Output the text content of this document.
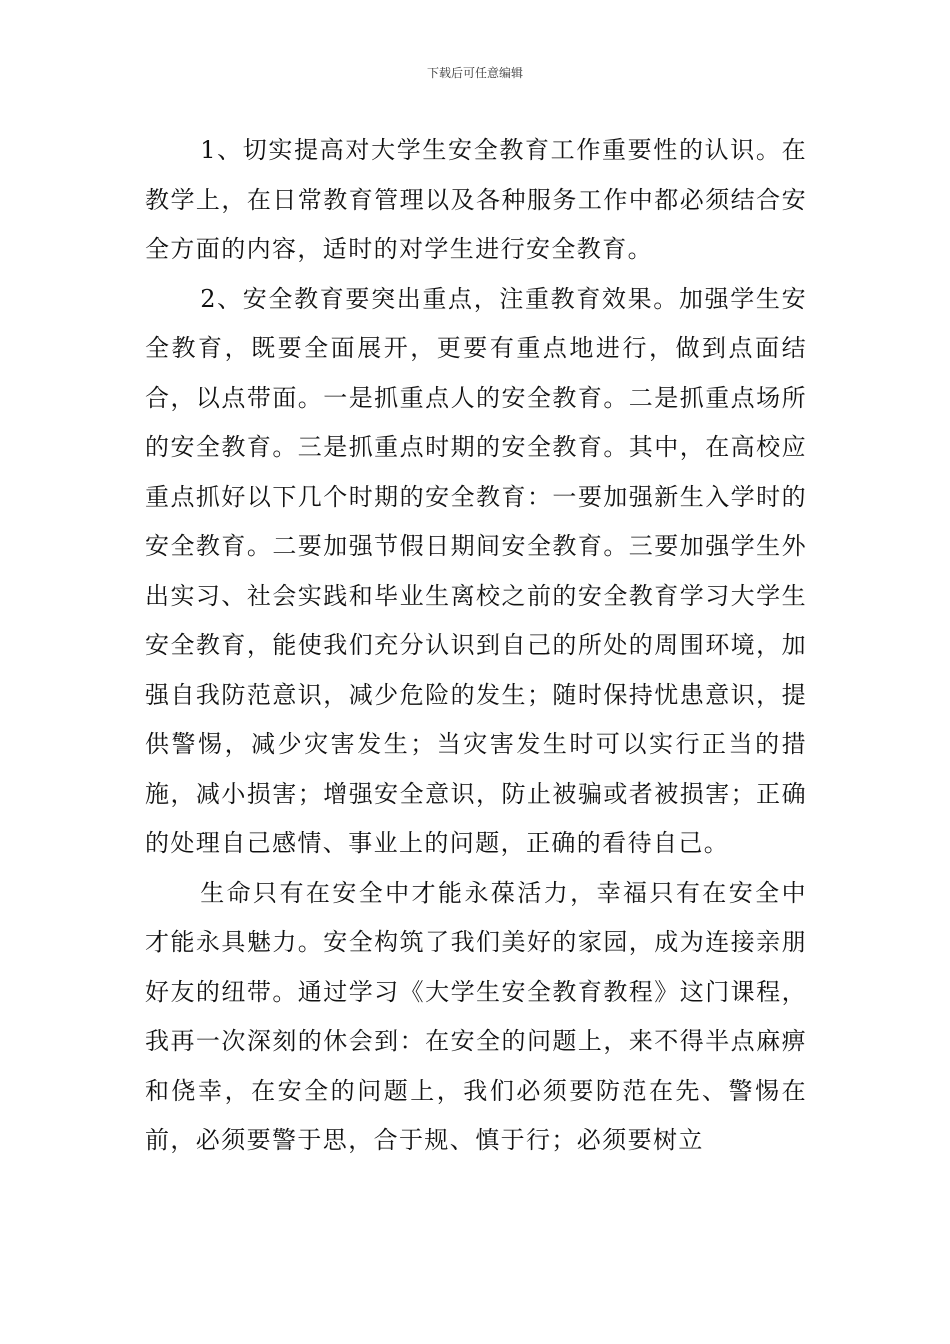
下载后可任意编辑

1、切实提高对大学生安全教育工作重要性的认识。在教学上，在日常教育管理以及各种服务工作中都必须结合安全方面的内容，适时的对学生进行安全教育。

2、安全教育要突出重点，注重教育效果。加强学生安全教育，既要全面展开，更要有重点地进行，做到点面结合，以点带面。一是抓重点人的安全教育。二是抓重点场所的安全教育。三是抓重点时期的安全教育。其中，在高校应重点抓好以下几个时期的安全教育：一要加强新生入学时的安全教育。二要加强节假日期间安全教育。三要加强学生外出实习、社会实践和毕业生离校之前的安全教育学习大学生安全教育，能使我们充分认识到自己的所处的周围环境，加强自我防范意识，减少危险的发生；随时保持忧患意识，提供警惕，减少灾害发生；当灾害发生时可以实行正当的措施，减小损害；增强安全意识，防止被骗或者被损害；正确的处理自己感情、事业上的问题，正确的看待自己。

生命只有在安全中才能永葆活力，幸福只有在安全中才能永具魅力。安全构筑了我们美好的家园，成为连接亲朋好友的纽带。通过学习《大学生安全教育教程》这门课程，我再一次深刻的休会到：在安全的问题上，来不得半点麻痹和侥幸，在安全的问题上，我们必须要防范在先、警惕在前，必须要警于思，合于规、慎于行；必须要树立
